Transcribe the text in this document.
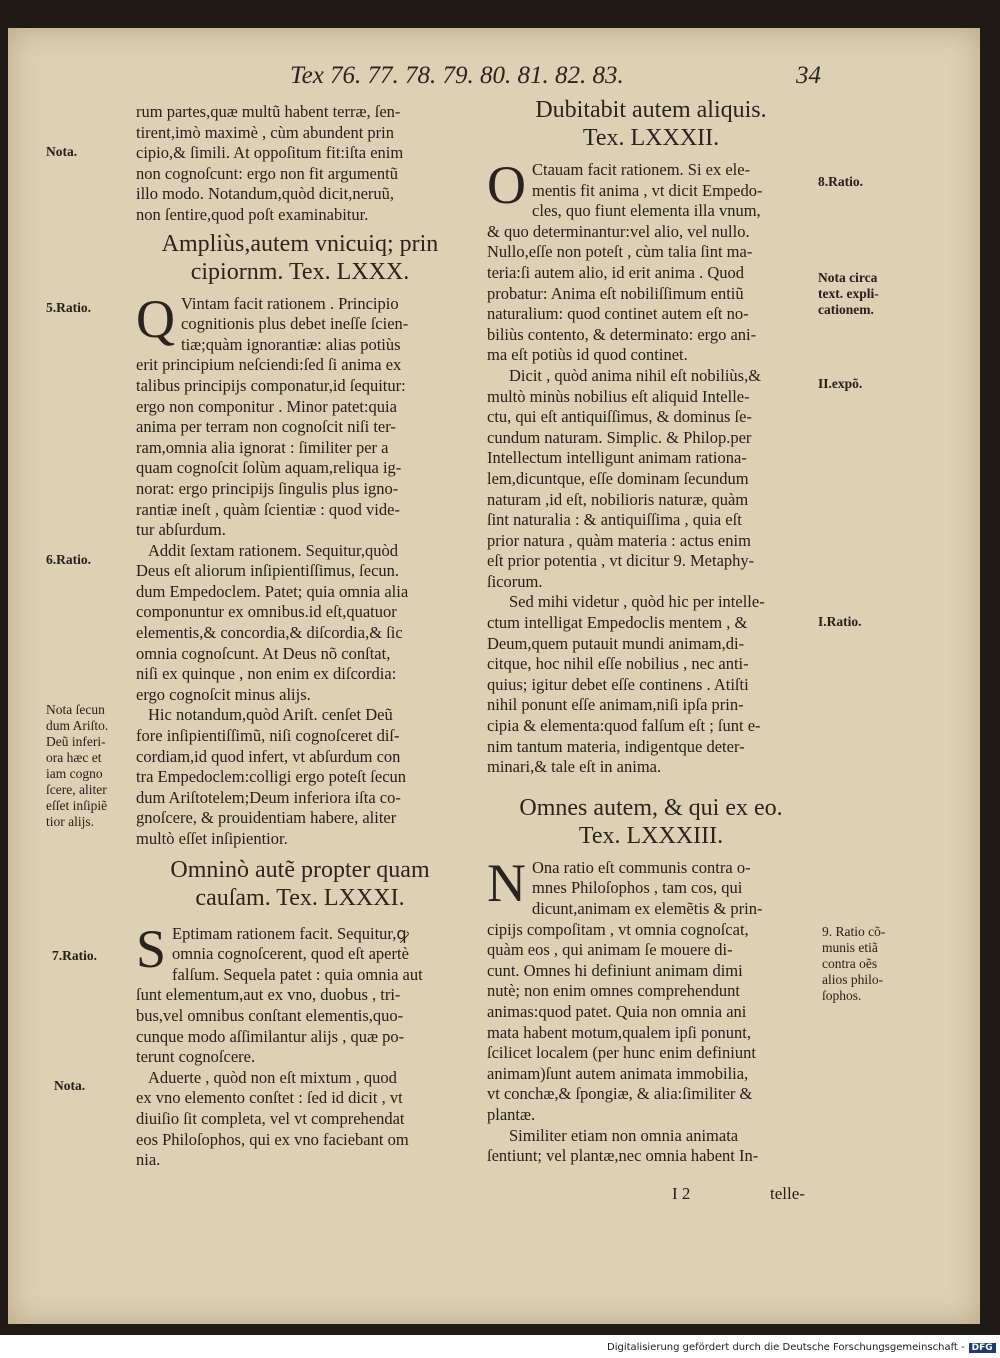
Tex 76. 77. 78. 79. 80. 81. 82. 83.	34

rum partes,quæ multũ habent terræ, ſen-

tirent,imò maximè , cùm abundent prin

cipio,& ſimili. At oppoſitum fit:iſta enim

non cognoſcunt: ergo non fit argumentũ

illo modo. Notandum,quòd dicit,neruũ,

non ſentire,quod poſt examinabitur.

Ampliùs,autem vnicuiq; prin
cipiornm. Tex. LXXX.
Q Vintam facit rationem . Principio

cognitionis plus debet ineſſe ſcien-

tiæ;quàm ignorantiæ: alias potiùs

erit principium neſciendi:ſed ſi anima ex

talibus principijs componatur,id ſequitur:

ergo non componitur . Minor patet:quia

anima per terram non cognoſcit niſi ter-

ram,omnia alia ignorat : ſimiliter per a

quam cognoſcit ſolùm aquam,reliqua ig-

norat: ergo principijs ſingulis plus igno-

rantiæ ineſt , quàm ſcientiæ : quod vide-

tur abſurdum.

Addit ſextam rationem. Sequitur,quòd

Deus eſt aliorum inſipientiſſimus, ſecun.

dum Empedoclem. Patet; quia omnia alia

componuntur ex omnibus.id eſt,quatuor

elementis,& concordia,& diſcordia,& ſic

omnia cognoſcunt. At Deus nõ conſtat,

niſi ex quinque , non enim ex diſcordia:

ergo cognoſcit minus alijs.

Hic notandum,quòd Ariſt. cenſet Deũ

fore inſipientiſſimũ, niſi cognoſceret diſ-

cordiam,id quod infert, vt abſurdum con

tra Empedoclem:colligi ergo poteſt ſecun

dum Ariſtotelem;Deum inferiora iſta co-

gnoſcere, & prouidentiam habere, aliter

multò eſſet inſipientior.

Omninò autẽ propter quam
cauſam. Tex. LXXXI.
S Eptimam rationem facit. Sequitur,ꝙ

omnia cognoſcerent, quod eſt apertè

falſum. Sequela patet : quia omnia aut

ſunt elementum,aut ex vno, duobus , tri-

bus,vel omnibus conſtant elementis,quo-

cunque modo aſſimilantur alijs , quæ po-

terunt cognoſcere.

Aduerte , quòd non eſt mixtum , quod

ex vno elemento conſtet : ſed id dicit , vt

diuiſio ſit completa, vel vt comprehendat

eos Philoſophos, qui ex vno faciebant om

nia.

Dubitabit autem aliquis.
Tex. LXXXII.
O Ctauam facit rationem. Si ex ele-

mentis fit anima , vt dicit Empedo-

cles, quo fiunt elementa illa vnum,

& quo determinantur:vel alio, vel nullo.

Nullo,eſſe non poteſt , cùm talia ſint ma-

teria:ſi autem alio, id erit anima . Quod

probatur: Anima eſt nobiliſſimum entiũ

naturalium: quod continet autem eſt no-

biliùs contento, & determinato: ergo ani-

ma eſt potiùs id quod continet.

Dicit , quòd anima nihil eſt nobiliùs,&

multò minùs nobilius eſt aliquid Intelle-

ctu, qui eſt antiquiſſimus, & dominus ſe-

cundum naturam. Simplic. & Philop.per

Intellectum intelligunt animam rationa-

lem,dicuntque, eſſe dominam ſecundum

naturam ,id eſt, nobilioris naturæ, quàm

ſint naturalia : & antiquiſſima , quia eſt

prior natura , quàm materia : actus enim

eſt prior potentia , vt dicitur 9. Metaphy-

ſicorum.

Sed mihi videtur , quòd hic per intelle-

ctum intelligat Empedoclis mentem , &

Deum,quem putauit mundi animam,di-

citque, hoc nihil eſſe nobilius , nec anti-

quius; igitur debet eſſe continens . Atiſti

nihil ponunt eſſe animam,niſi ipſa prin-

cipia & elementa:quod falſum eſt ; ſunt e-

nim tantum materia, indigentque deter-

minari,& tale eſt in anima.

Omnes autem, & qui ex eo.
Tex. LXXXIII.
N Ona ratio eſt communis contra o-

mnes Philoſophos , tam cos, qui

dicunt,animam ex elemẽtis & prin-

cipijs compoſitam , vt omnia cognoſcat,

quàm eos , qui animam ſe mouere di-

cunt. Omnes hi definiunt animam dimi

nutè; non enim omnes comprehendunt

animas:quod patet. Quia non omnia ani

mata habent motum,qualem ipſi ponunt,

ſcilicet localem (per hunc enim definiunt

animam)ſunt autem animata immobilia,

vt conchæ,& ſpongiæ, & alia:ſimiliter &

plantæ.

Similiter etiam non omnia animata

ſentiunt; vel plantæ,nec omnia habent In-

Nota.
5.Ratio.
6.Ratio.
Nota ſecun
dum Ariſto.
Deũ inferi-
ora hæc et
iam cogno
ſcere, aliter
eſſet inſipiẽ
tior alijs.
7.Ratio.
Nota.
8.Ratio.
Nota circa
text. expli-
cationem.
II.expõ.
I.Ratio.
9. Ratio cõ-
munis etiã
contra oẽs
alios philo-
ſophos.
I 2	telle-
Digitalisierung gefördert durch die Deutsche Forschungsgemeinschaft - DFG
